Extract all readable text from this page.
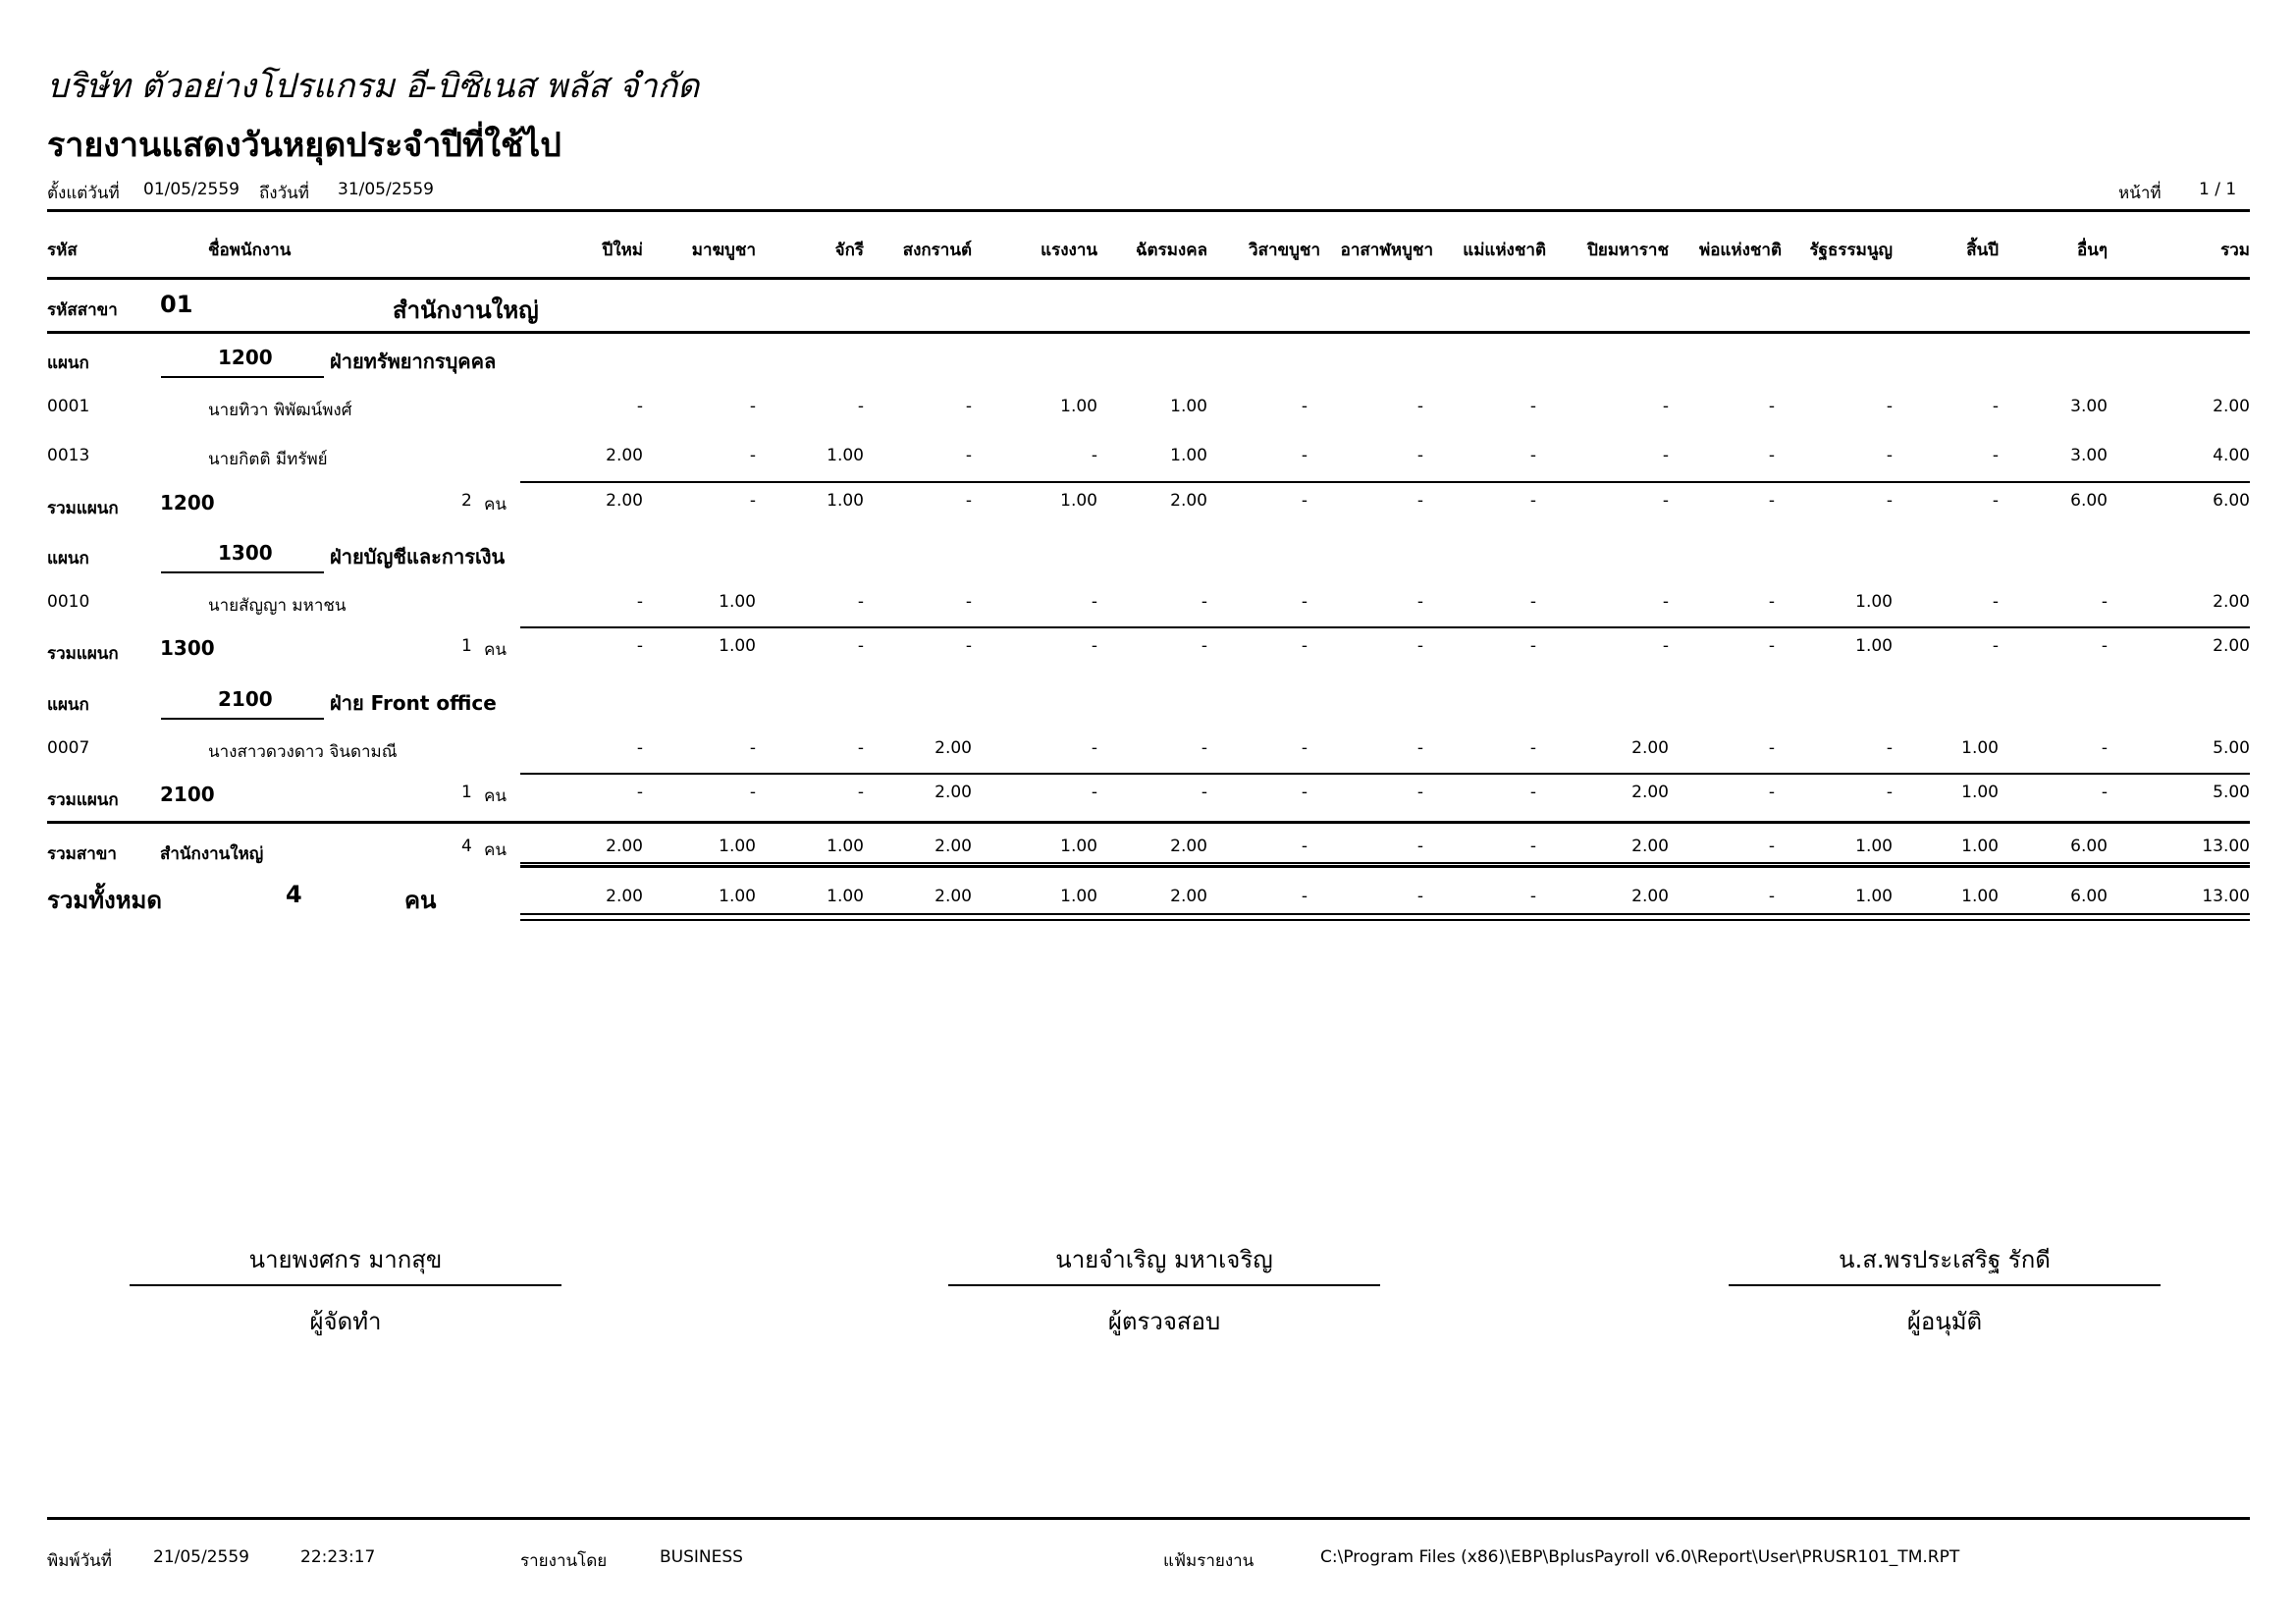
บริษัท ตัวอย่างโปรแกรม อี-บิซิเนส พลัส จำกัด
รายงานแสดงวันหยุดประจำปีที่ใช้ไป
ตั้งแต่วันที่ 01/05/2559 ถึงวันที่ 31/05/2559	หน้าที่ 1 / 1
รหัส	ชื่อพนักงาน	ปีใหม่	มาฆบูชา	จักรี	สงกรานต์	แรงงาน	ฉัตรมงคล	วิสาขบูชา	อาสาฬหบูชา	แม่แห่งชาติ	ปิยมหาราช	พ่อแห่งชาติ	รัฐธรรมนูญ	สิ้นปี	อื่นๆ	รวม
รหัสสาขา 01	สำนักงานใหญ่
แผนก	1200	ฝ่ายทรัพยากรบุคคล
0001	นายทิวา พิพัฒน์พงศ์	-	-	-	-	1.00	1.00	-	-	-	-	-	-	-	3.00	2.00
0013	นายกิตติ มีทรัพย์	2.00	-	1.00	-	-	1.00	-	-	-	-	-	-	-	3.00	4.00
รวมแผนก 1200	2 คน	2.00	-	1.00	-	1.00	2.00	-	-	-	-	-	-	-	6.00	6.00
แผนก	1300	ฝ่ายบัญชีและการเงิน
0010	นายสัญญา มหาชน	-	1.00	-	-	-	-	-	-	-	-	-	1.00	-	-	2.00
รวมแผนก 1300	1 คน	-	1.00	-	-	-	-	-	-	-	-	-	1.00	-	-	2.00
แผนก	2100	ฝ่าย Front office
0007	นางสาวดวงดาว จินดามณี	-	-	-	2.00	-	-	-	-	-	2.00	-	-	1.00	-	5.00
รวมแผนก 2100	1 คน	-	-	-	2.00	-	-	-	-	-	2.00	-	-	1.00	-	5.00
รวมสาขา	สำนักงานใหญ่	4 คน	2.00	1.00	1.00	2.00	1.00	2.00	-	-	-	2.00	-	1.00	1.00	6.00	13.00
รวมทั้งหมด	4	คน	2.00	1.00	1.00	2.00	1.00	2.00	-	-	-	2.00	-	1.00	1.00	6.00	13.00
นายพงศกร มากสุข
ผู้จัดทำ
นายจำเริญ มหาเจริญ
ผู้ตรวจสอบ
น.ส.พรประเสริฐ รักดี
ผู้อนุมัติ
พิมพ์วันที่ 21/05/2559	22:23:17	รายงานโดย	BUSINESS	แฟ้มรายงาน	C:\Program Files (x86)\EBP\BplusPayroll v6.0\Report\User\PRUSR101_TM.RPT
